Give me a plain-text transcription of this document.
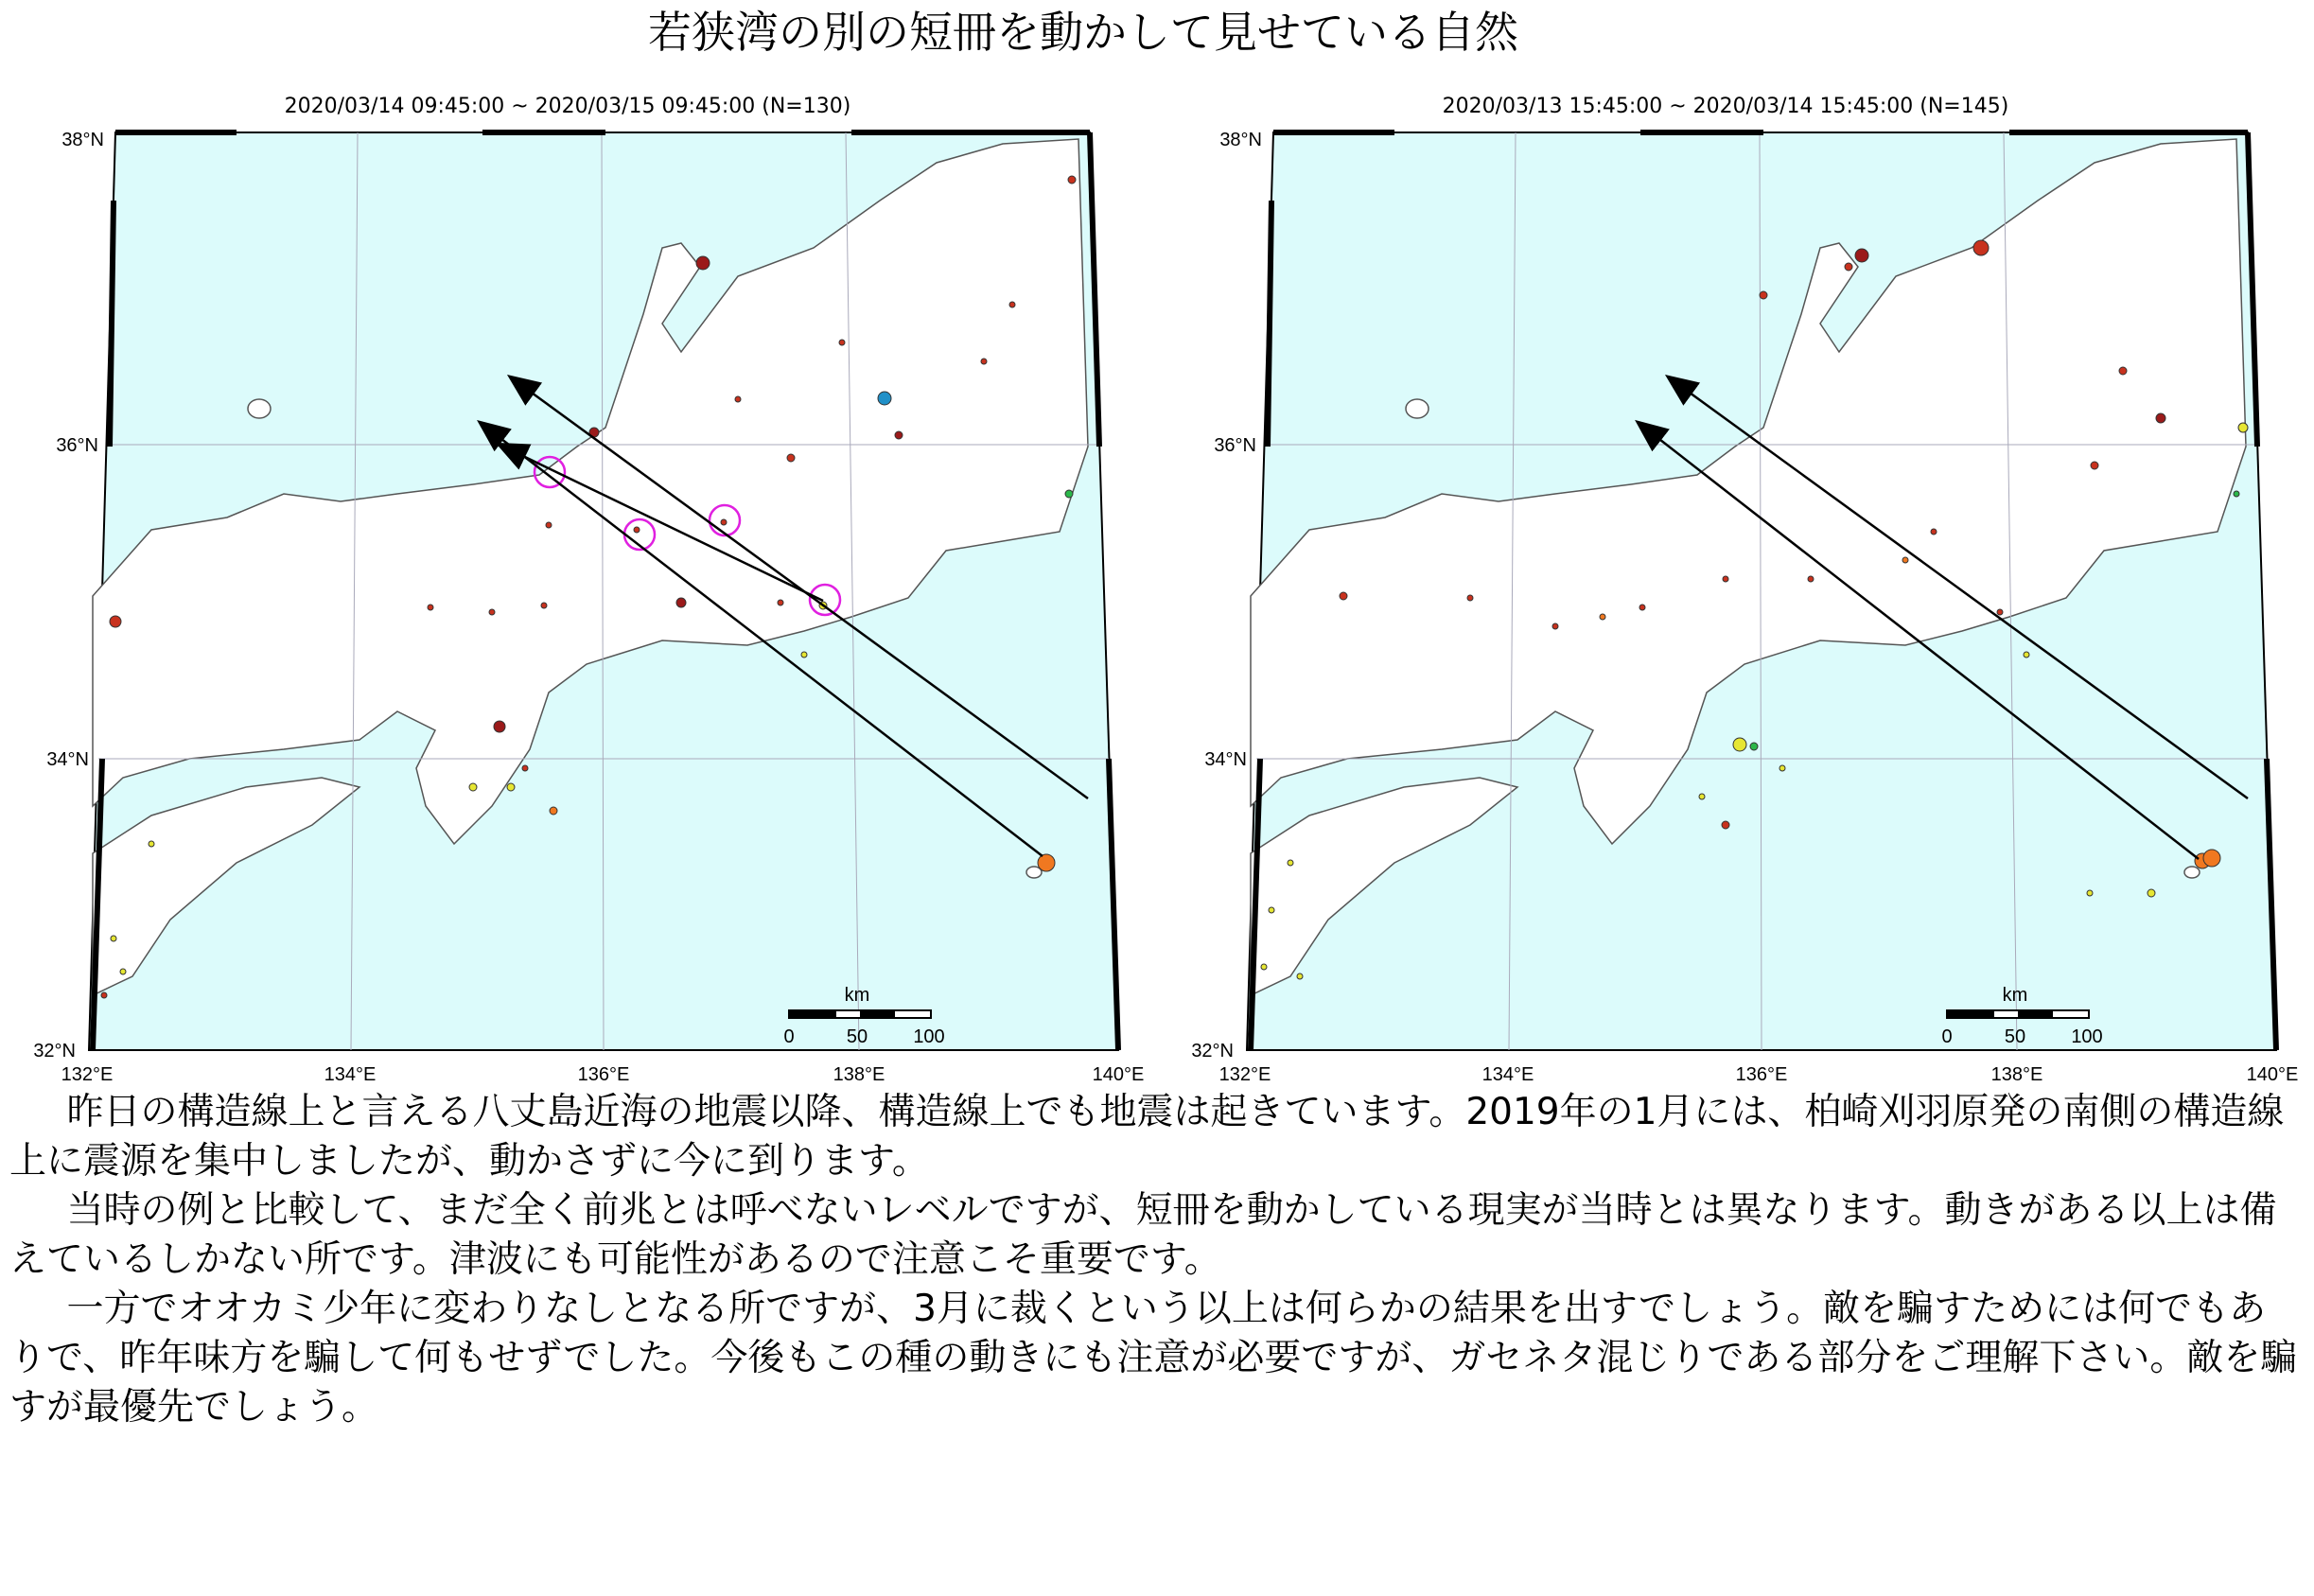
若狭湾の別の短冊を動かして見せている自然
km
0	50 100
38°N
36°N
34°N
32°N
132°E	134°E	136°E	138°E	140°E
2020/03/14 09:45:00 ~ 2020/03/15 09:45:00 (N=130)
km
0	50 100
38°N
36°N
34°N
32°N
132°E	134°E	136°E	138°E	140°E
2020/03/13 15:45:00 ~ 2020/03/14 15:45:00 (N=145)

昨日の構造線上と言える八丈島近海の地震以降、構造線上でも地震は起きています。2019年の1月には、柏崎刈羽原発の南側の構造線上に震源を集中しましたが、動かさずに今に到ります。

当時の例と比較して、まだ全く前兆とは呼べないレベルですが、短冊を動かしている現実が当時とは異なります。動きがある以上は備えているしかない所です。津波にも可能性があるので注意こそ重要です。

一方でオオカミ少年に変わりなしとなる所ですが、3月に裁くという以上は何らかの結果を出すでしょう。敵を騙すためには何でもありで、昨年味方を騙して何もせずでした。今後もこの種の動きにも注意が必要ですが、ガセネタ混じりである部分をご理解下さい。敵を騙すが最優先でしょう。
